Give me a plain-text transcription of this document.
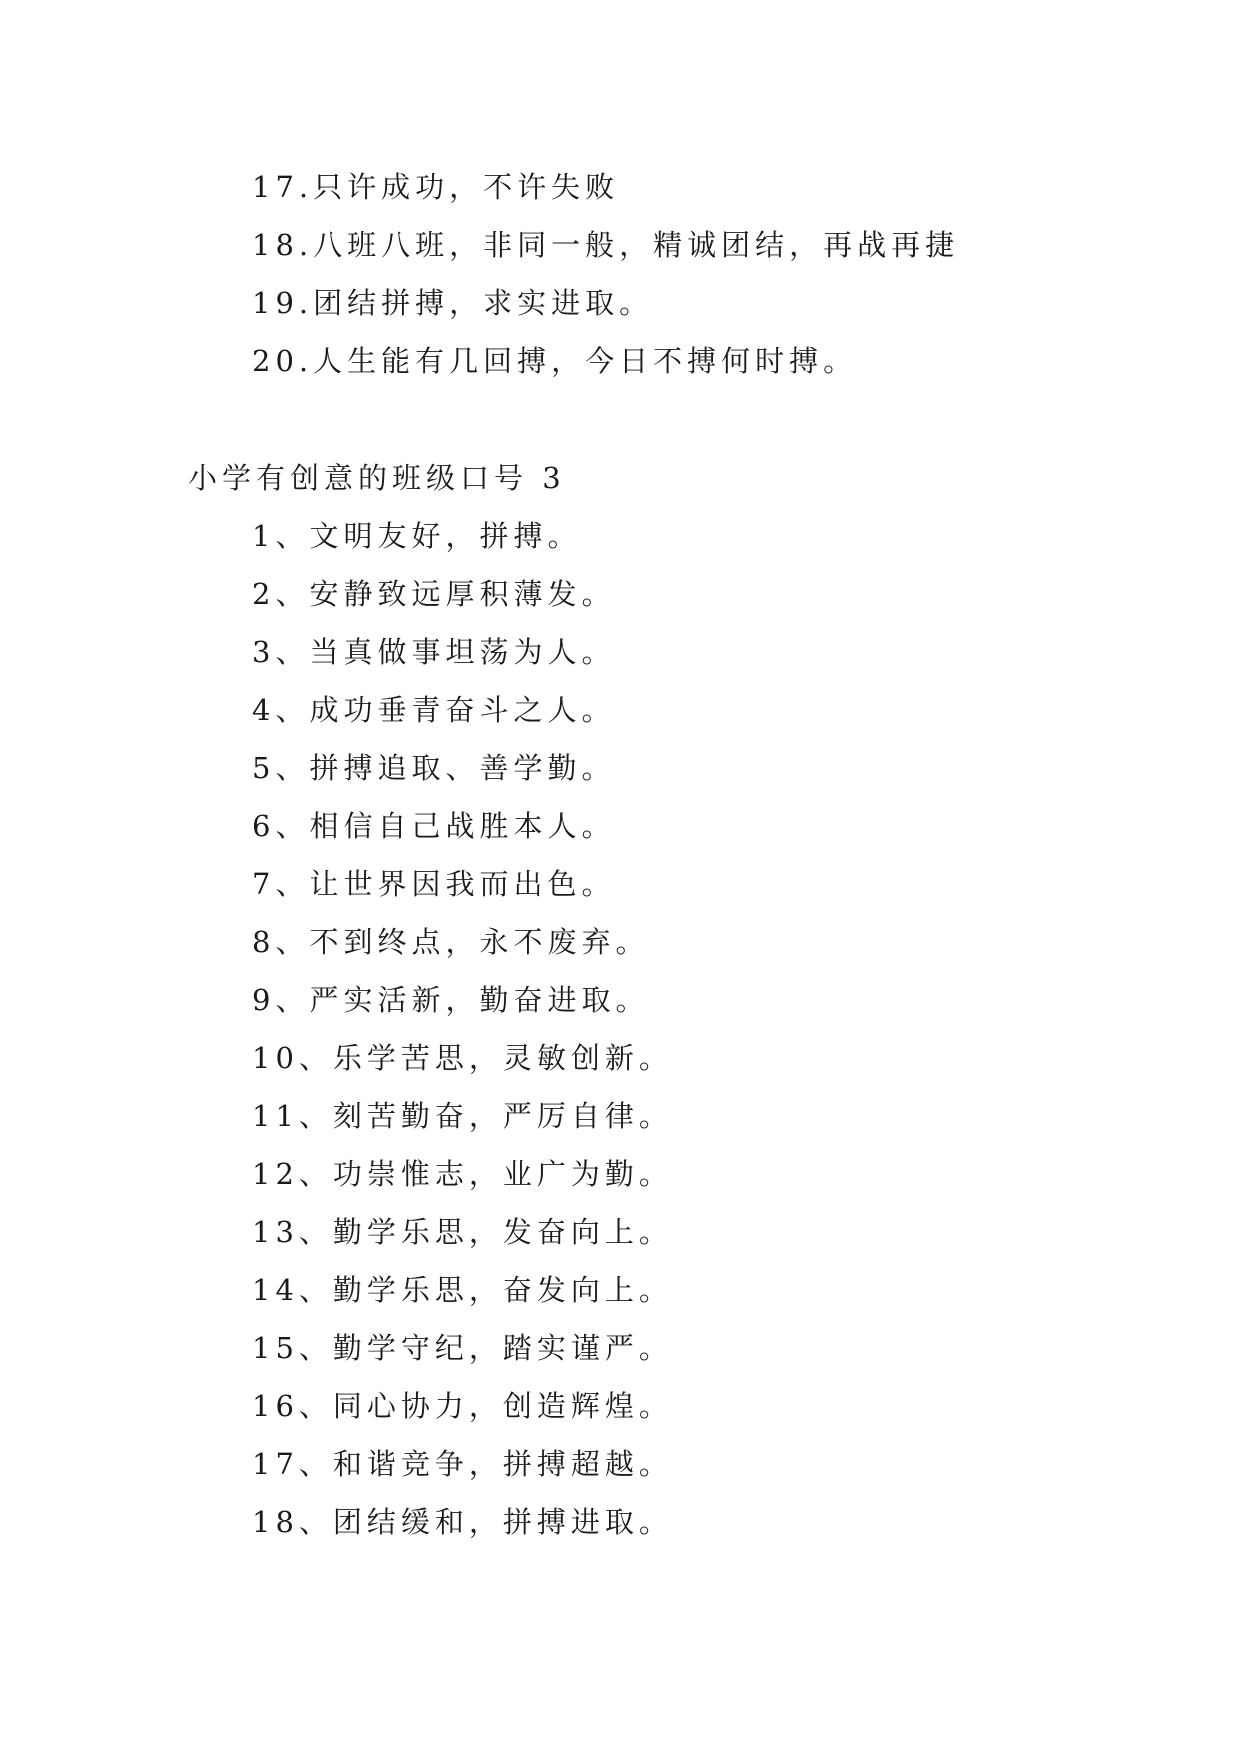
17.只许成功，不许失败
18.八班八班，非同一般，精诚团结，再战再捷
19.团结拼搏，求实进取。
20.人生能有几回搏，今日不搏何时搏。
小学有创意的班级口号 3
1、文明友好，拼搏。
2、安静致远厚积薄发。
3、当真做事坦荡为人。
4、成功垂青奋斗之人。
5、拼搏追取、善学勤。
6、相信自己战胜本人。
7、让世界因我而出色。
8、不到终点，永不废弃。
9、严实活新，勤奋进取。
10、乐学苦思，灵敏创新。
11、刻苦勤奋，严厉自律。
12、功崇惟志，业广为勤。
13、勤学乐思，发奋向上。
14、勤学乐思，奋发向上。
15、勤学守纪，踏实谨严。
16、同心协力，创造辉煌。
17、和谐竞争，拼搏超越。
18、团结缓和，拼搏进取。
